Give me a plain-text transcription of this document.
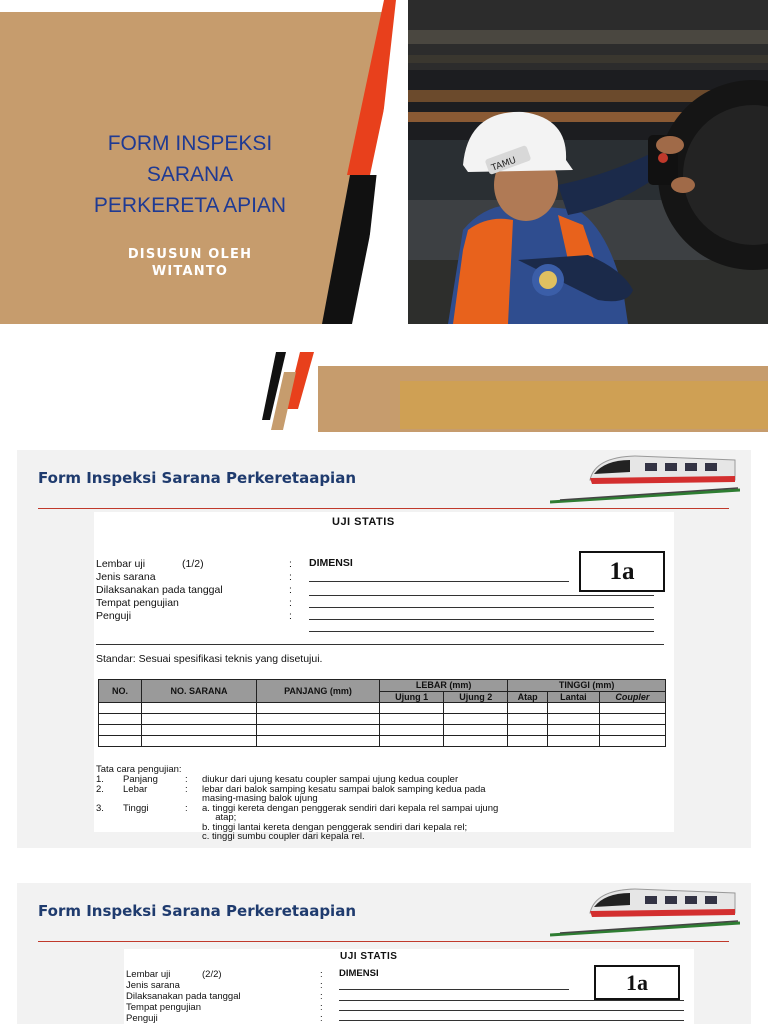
FORM INSPEKSI
SARANA
PERKERETA APIAN
DISUSUN OLEH
WITANTO
TAMU
Form Inspeksi Sarana Perkeretaapian
UJI STATIS
Lembar uji	(1/2)	: DIMENSI
Jenis sarana	:
Dilaksanakan pada tanggal	:
Tempat pengujian	:
Penguji	:
1a
Standar: Sesuai spesifikasi teknis yang disetujui.
NO.	NO. SARANA	PANJANG (mm)	LEBAR (mm)		TINGGI (mm)		
			Ujung 1	Ujung 2	Atap	Lantai	Coupler

Tata cara pengujian:
1. Panjang	: diukur dari ujung kesatu coupler sampai ujung kedua coupler
2. Lebar	: lebar dari balok samping kesatu sampai balok samping kedua pada
masing-masing balok ujung
3. Tinggi	: a. tinggi kereta dengan penggerak sendiri dari kepala rel sampai ujung
atap;
b. tinggi lantai kereta dengan penggerak sendiri dari kepala rel;
c. tinggi sumbu coupler dari kepala rel.
Form Inspeksi Sarana Perkeretaapian
UJI STATIS
Lembar uji	(2/2)	: DIMENSI
Jenis sarana	:
Dilaksanakan pada tanggal	:
Tempat pengujian	:
Penguji	:
1a
